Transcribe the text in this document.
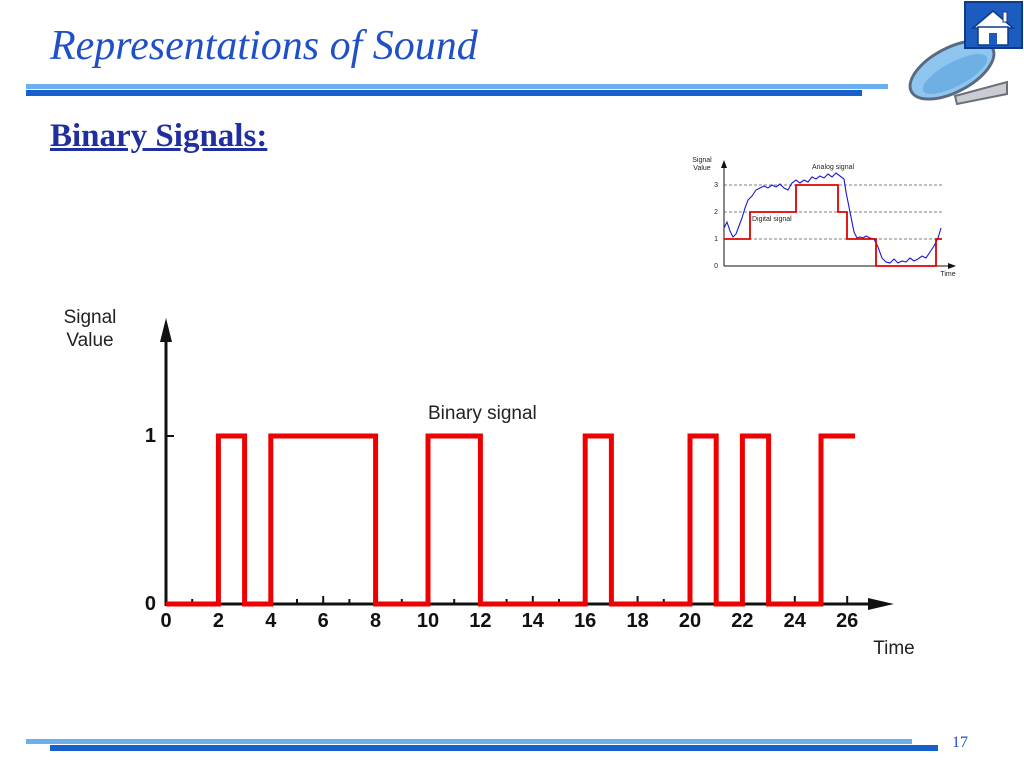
Representations of Sound
Binary Signals:
Signal
Value
Time
0
1
2
3
Analog signal
Digital signal
Signal
Value
Time
Binary signal
0 2 4 6 8 10 12 14 16 18 20 22 24 26
0
1
17
